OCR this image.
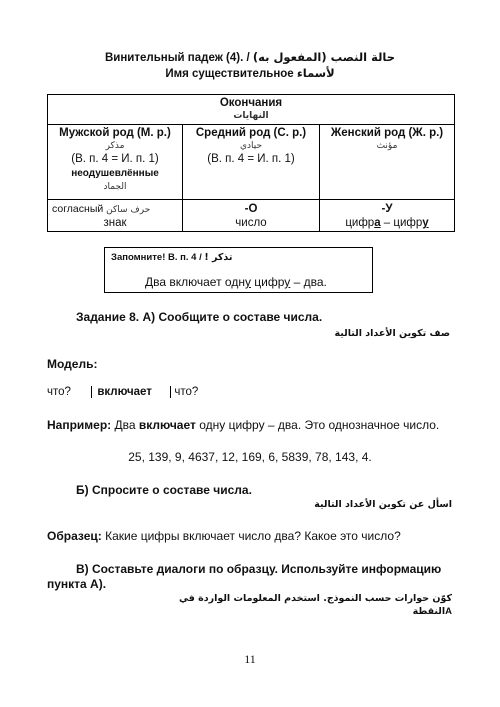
Винительный падеж (4). / حالة النصب (المفعول به)
Имя существительное لأسماء
Окончания
النهايات
Мужской род (М. р.)
مذكر
(В. п. 4 = И. п. 1)
неодушевлённые
الجماد
Средний род (С. р.)
حيادي
(В. п. 4 = И. п. 1)
Женский род (Ж. р.)
مؤنث
согласный حرف ساكن
знак
-О
число
-У
цифра – цифру
Запомните! В. п. 4 / تذكر !
Два включает одну цифру – два.
Задание 8. А) Сообщите о составе числа.
صف تكوين الأعداد التالية
Модель:
что? включает что?
Например: Два включает одну цифру – два. Это однозначное число.
25, 139, 9, 4637, 12, 169, 6, 5839, 78, 143, 4.
Б) Спросите о составе числа.
اسأل عن تكوين الأعداد التالية
Образец: Какие цифры включает число два? Какое это число?
В) Составьте диалоги по образцу. Используйте информацию
пункта А).
كوّن حوارات حسب النموذج. استخدم المعلومات الواردة في النقطةA
11
